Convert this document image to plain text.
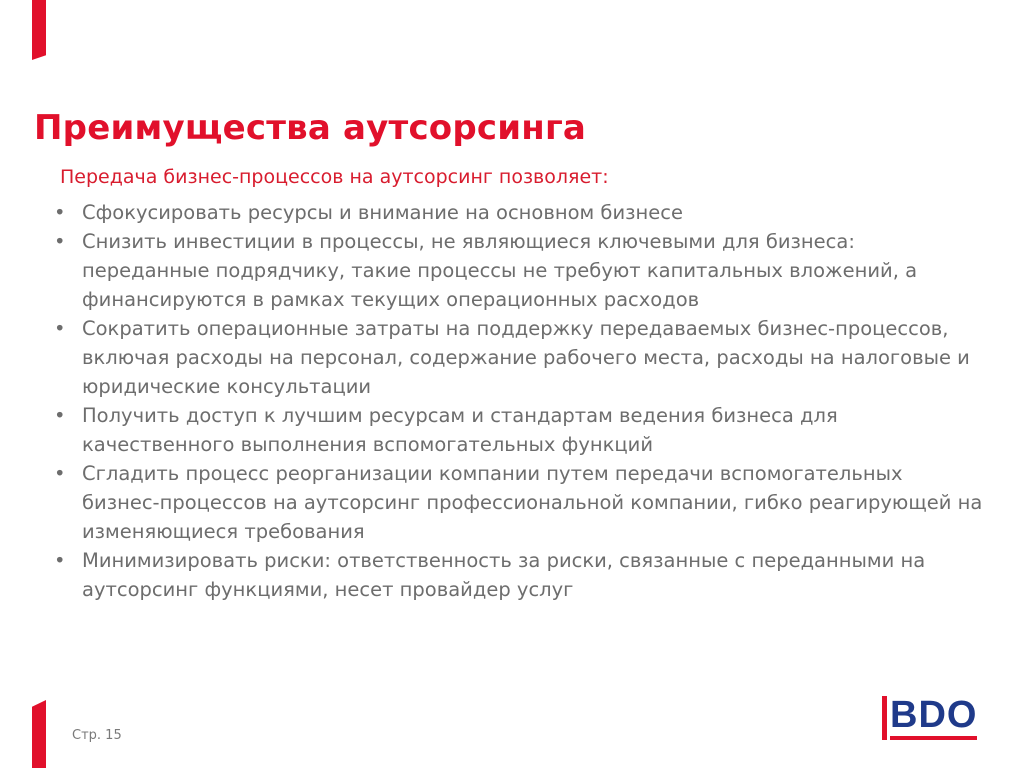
Преимущества аутсорсинга

Передача бизнес-процессов на аутсорсинг позволяет:

• Сфокусировать ресурсы и внимание на основном бизнесе
• Снизить инвестиции в процессы, не являющиеся ключевыми для бизнеса: переданные подрядчику, такие процессы не требуют капитальных вложений, а финансируются в рамках текущих операционных расходов
• Сократить операционные затраты на поддержку передаваемых бизнес-процессов, включая расходы на персонал, содержание рабочего места, расходы на налоговые и юридические консультации
• Получить доступ к лучшим ресурсам и стандартам ведения бизнеса для качественного выполнения вспомогательных функций
• Сгладить процесс реорганизации компании путем передачи вспомогательных бизнес-процессов на аутсорсинг профессиональной компании, гибко реагирующей на изменяющиеся требования
• Минимизировать риски: ответственность за риски, связанные с переданными на аутсорсинг функциями, несет провайдер услуг
Стр. 15	BDO
